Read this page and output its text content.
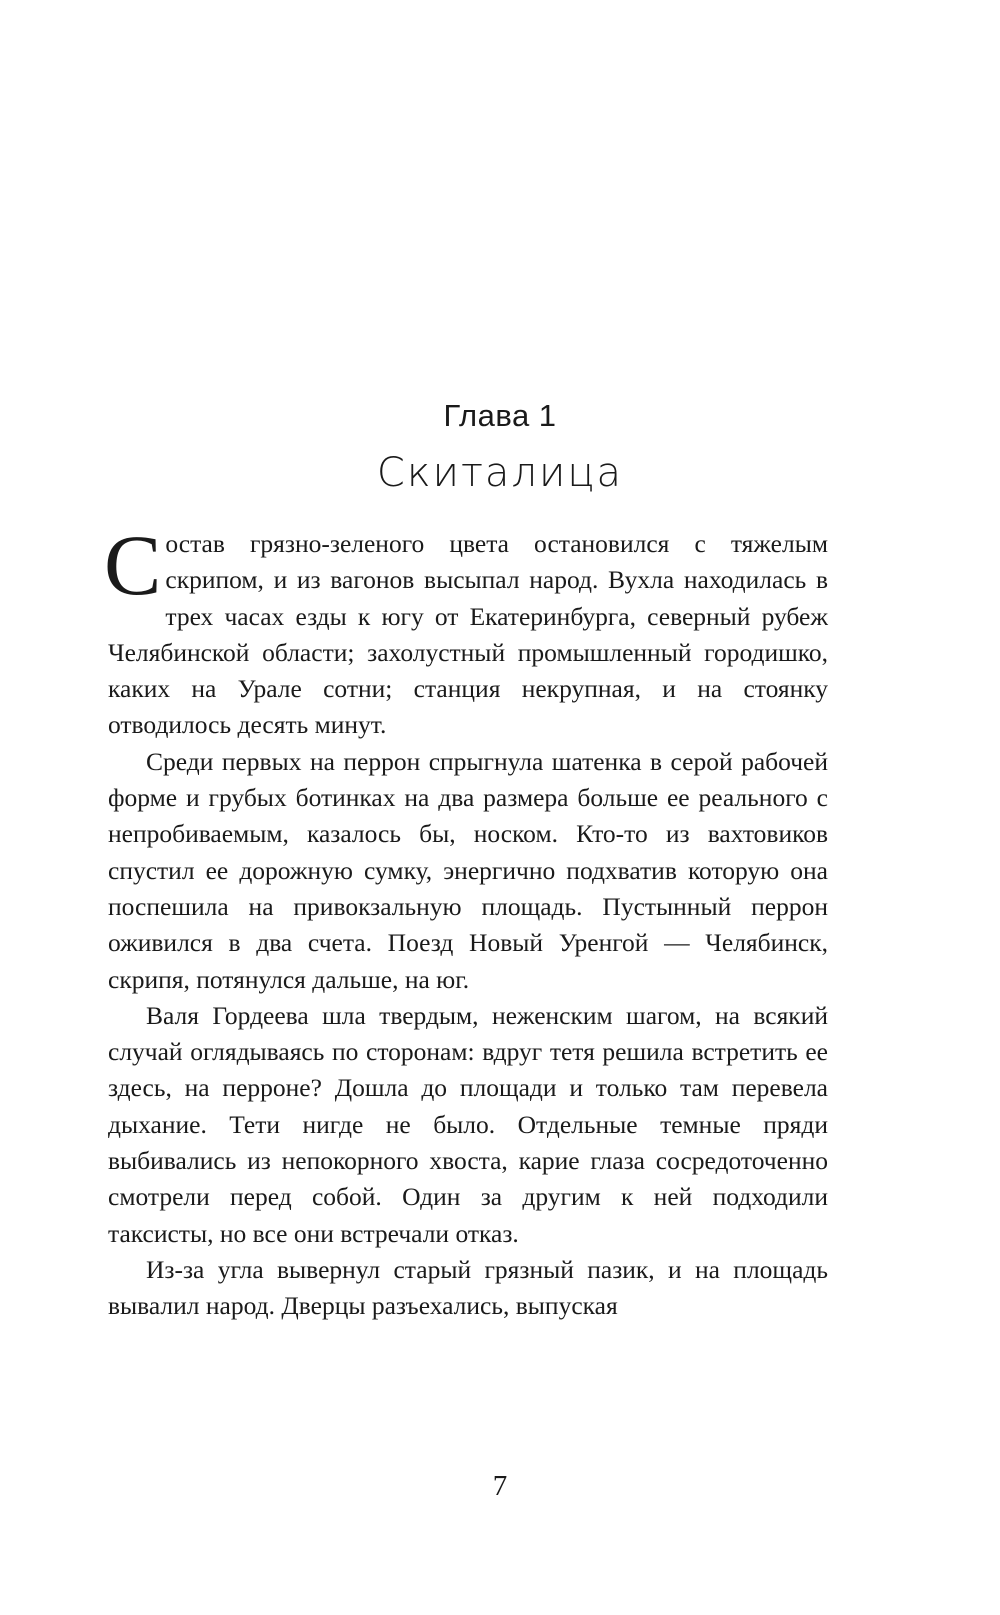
Глава 1
Скиталица

Состав грязно-зеленого цвета остановился с тяжелым скрипом, и из вагонов высыпал народ. Вухла находилась в трех часах езды к югу от Екатеринбурга, северный рубеж Челябинской области; захолустный промышленный городишко, каких на Урале сотни; станция некрупная, и на стоянку отводилось десять минут.

Среди первых на перрон спрыгнула шатенка в серой рабочей форме и грубых ботинках на два размера больше ее реального с непробиваемым, казалось бы, носком. Кто-то из вахтовиков спустил ее дорожную сумку, энергично подхватив которую она поспешила на привокзальную площадь. Пустынный перрон оживился в два счета. Поезд Новый Уренгой — Челябинск, скрипя, потянулся дальше, на юг.

Валя Гордеева шла твердым, неженским шагом, на всякий случай оглядываясь по сторонам: вдруг тетя решила встретить ее здесь, на перроне? Дошла до площади и только там перевела дыхание. Тети нигде не было. Отдельные темные пряди выбивались из непокорного хвоста, карие глаза сосредоточенно смотрели перед собой. Один за другим к ней подходили таксисты, но все они встречали отказ.

Из-за угла вывернул старый грязный пазик, и на площадь вывалил народ. Дверцы разъехались, выпуская

7
